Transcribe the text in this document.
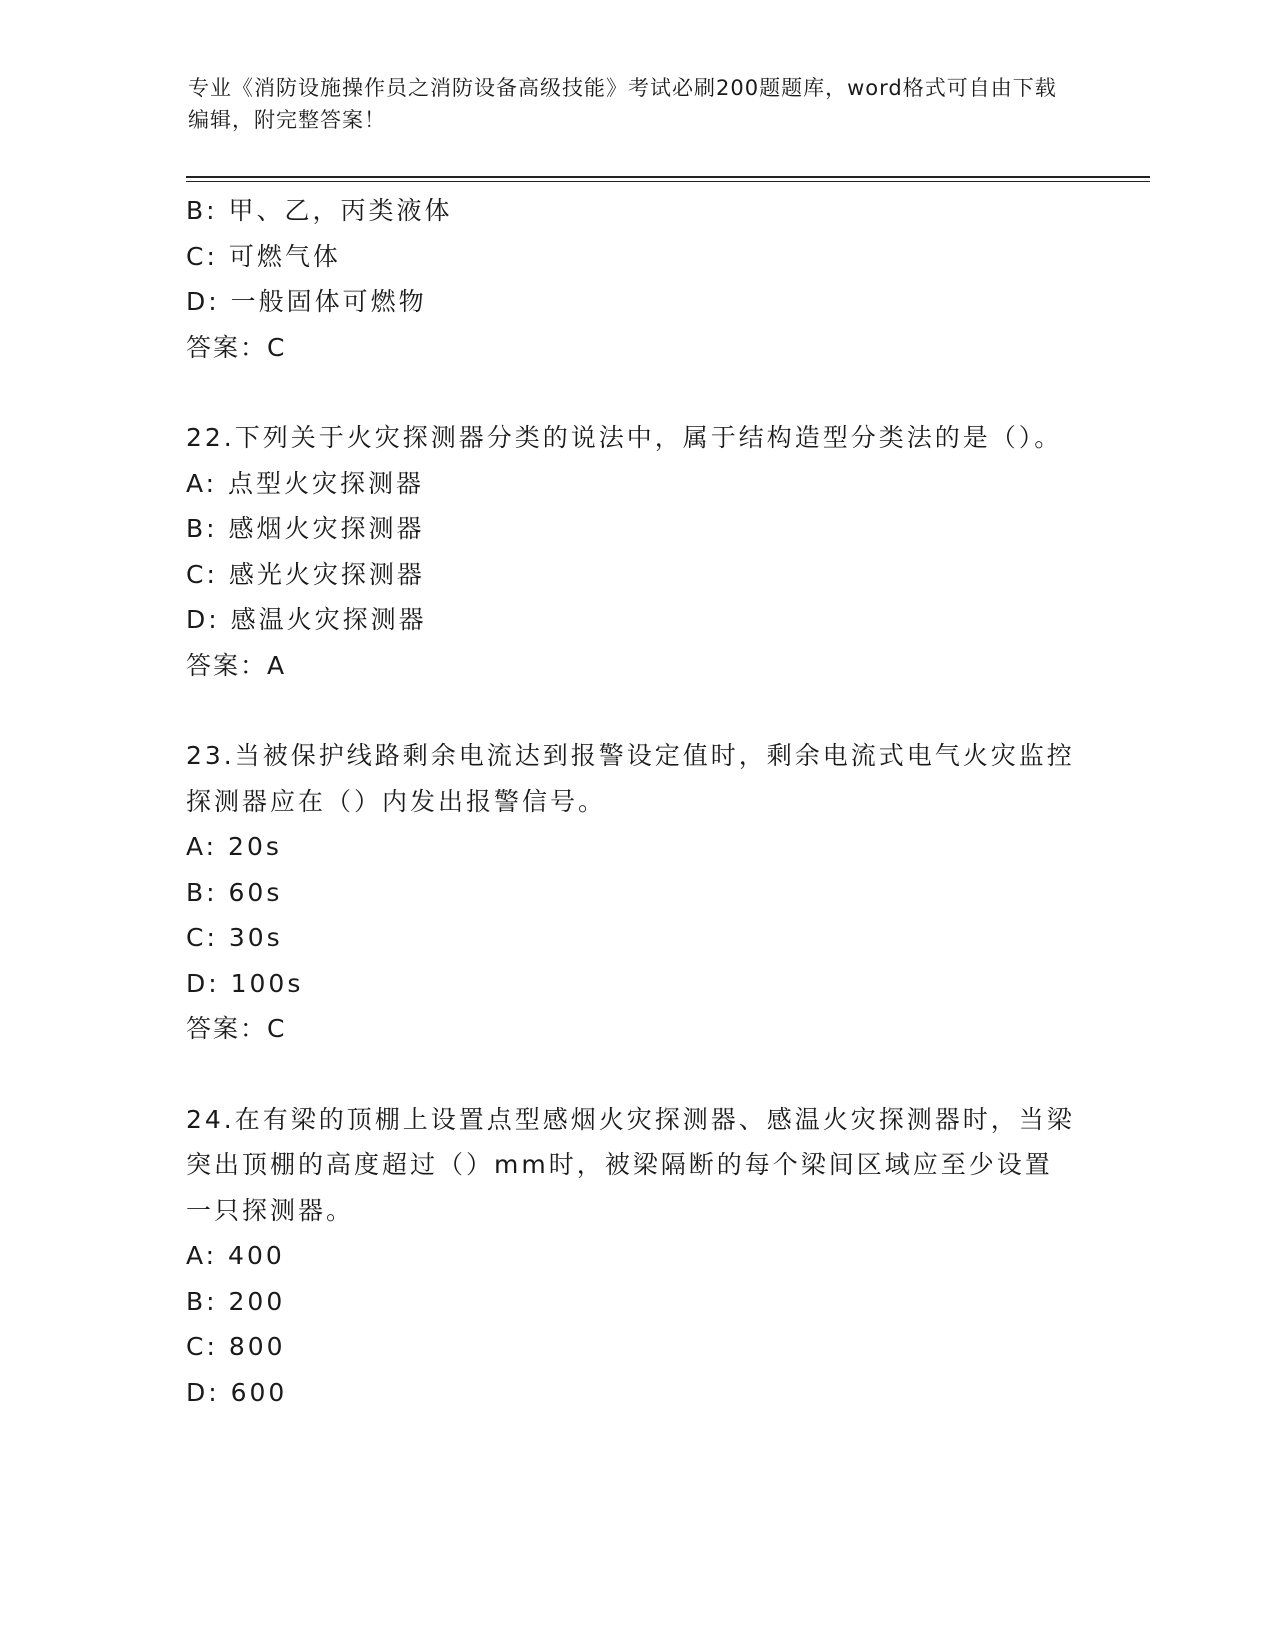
专业《消防设施操作员之消防设备高级技能》考试必刷200题题库，word格式可自由下载编辑，附完整答案！

B: 甲、乙，丙类液体

C: 可燃气体

D: 一般固体可燃物

答案：C

22.下列关于火灾探测器分类的说法中，属于结构造型分类法的是（）。

A: 点型火灾探测器

B: 感烟火灾探测器

C: 感光火灾探测器

D: 感温火灾探测器

答案：A

23.当被保护线路剩余电流达到报警设定值时，剩余电流式电气火灾监控探测器应在（）内发出报警信号。

A: 20s

B: 60s

C: 30s

D: 100s

答案：C

24.在有梁的顶棚上设置点型感烟火灾探测器、感温火灾探测器时，当梁突出顶棚的高度超过（）mm时，被梁隔断的每个梁间区域应至少设置一只探测器。

A: 400

B: 200

C: 800

D: 600
